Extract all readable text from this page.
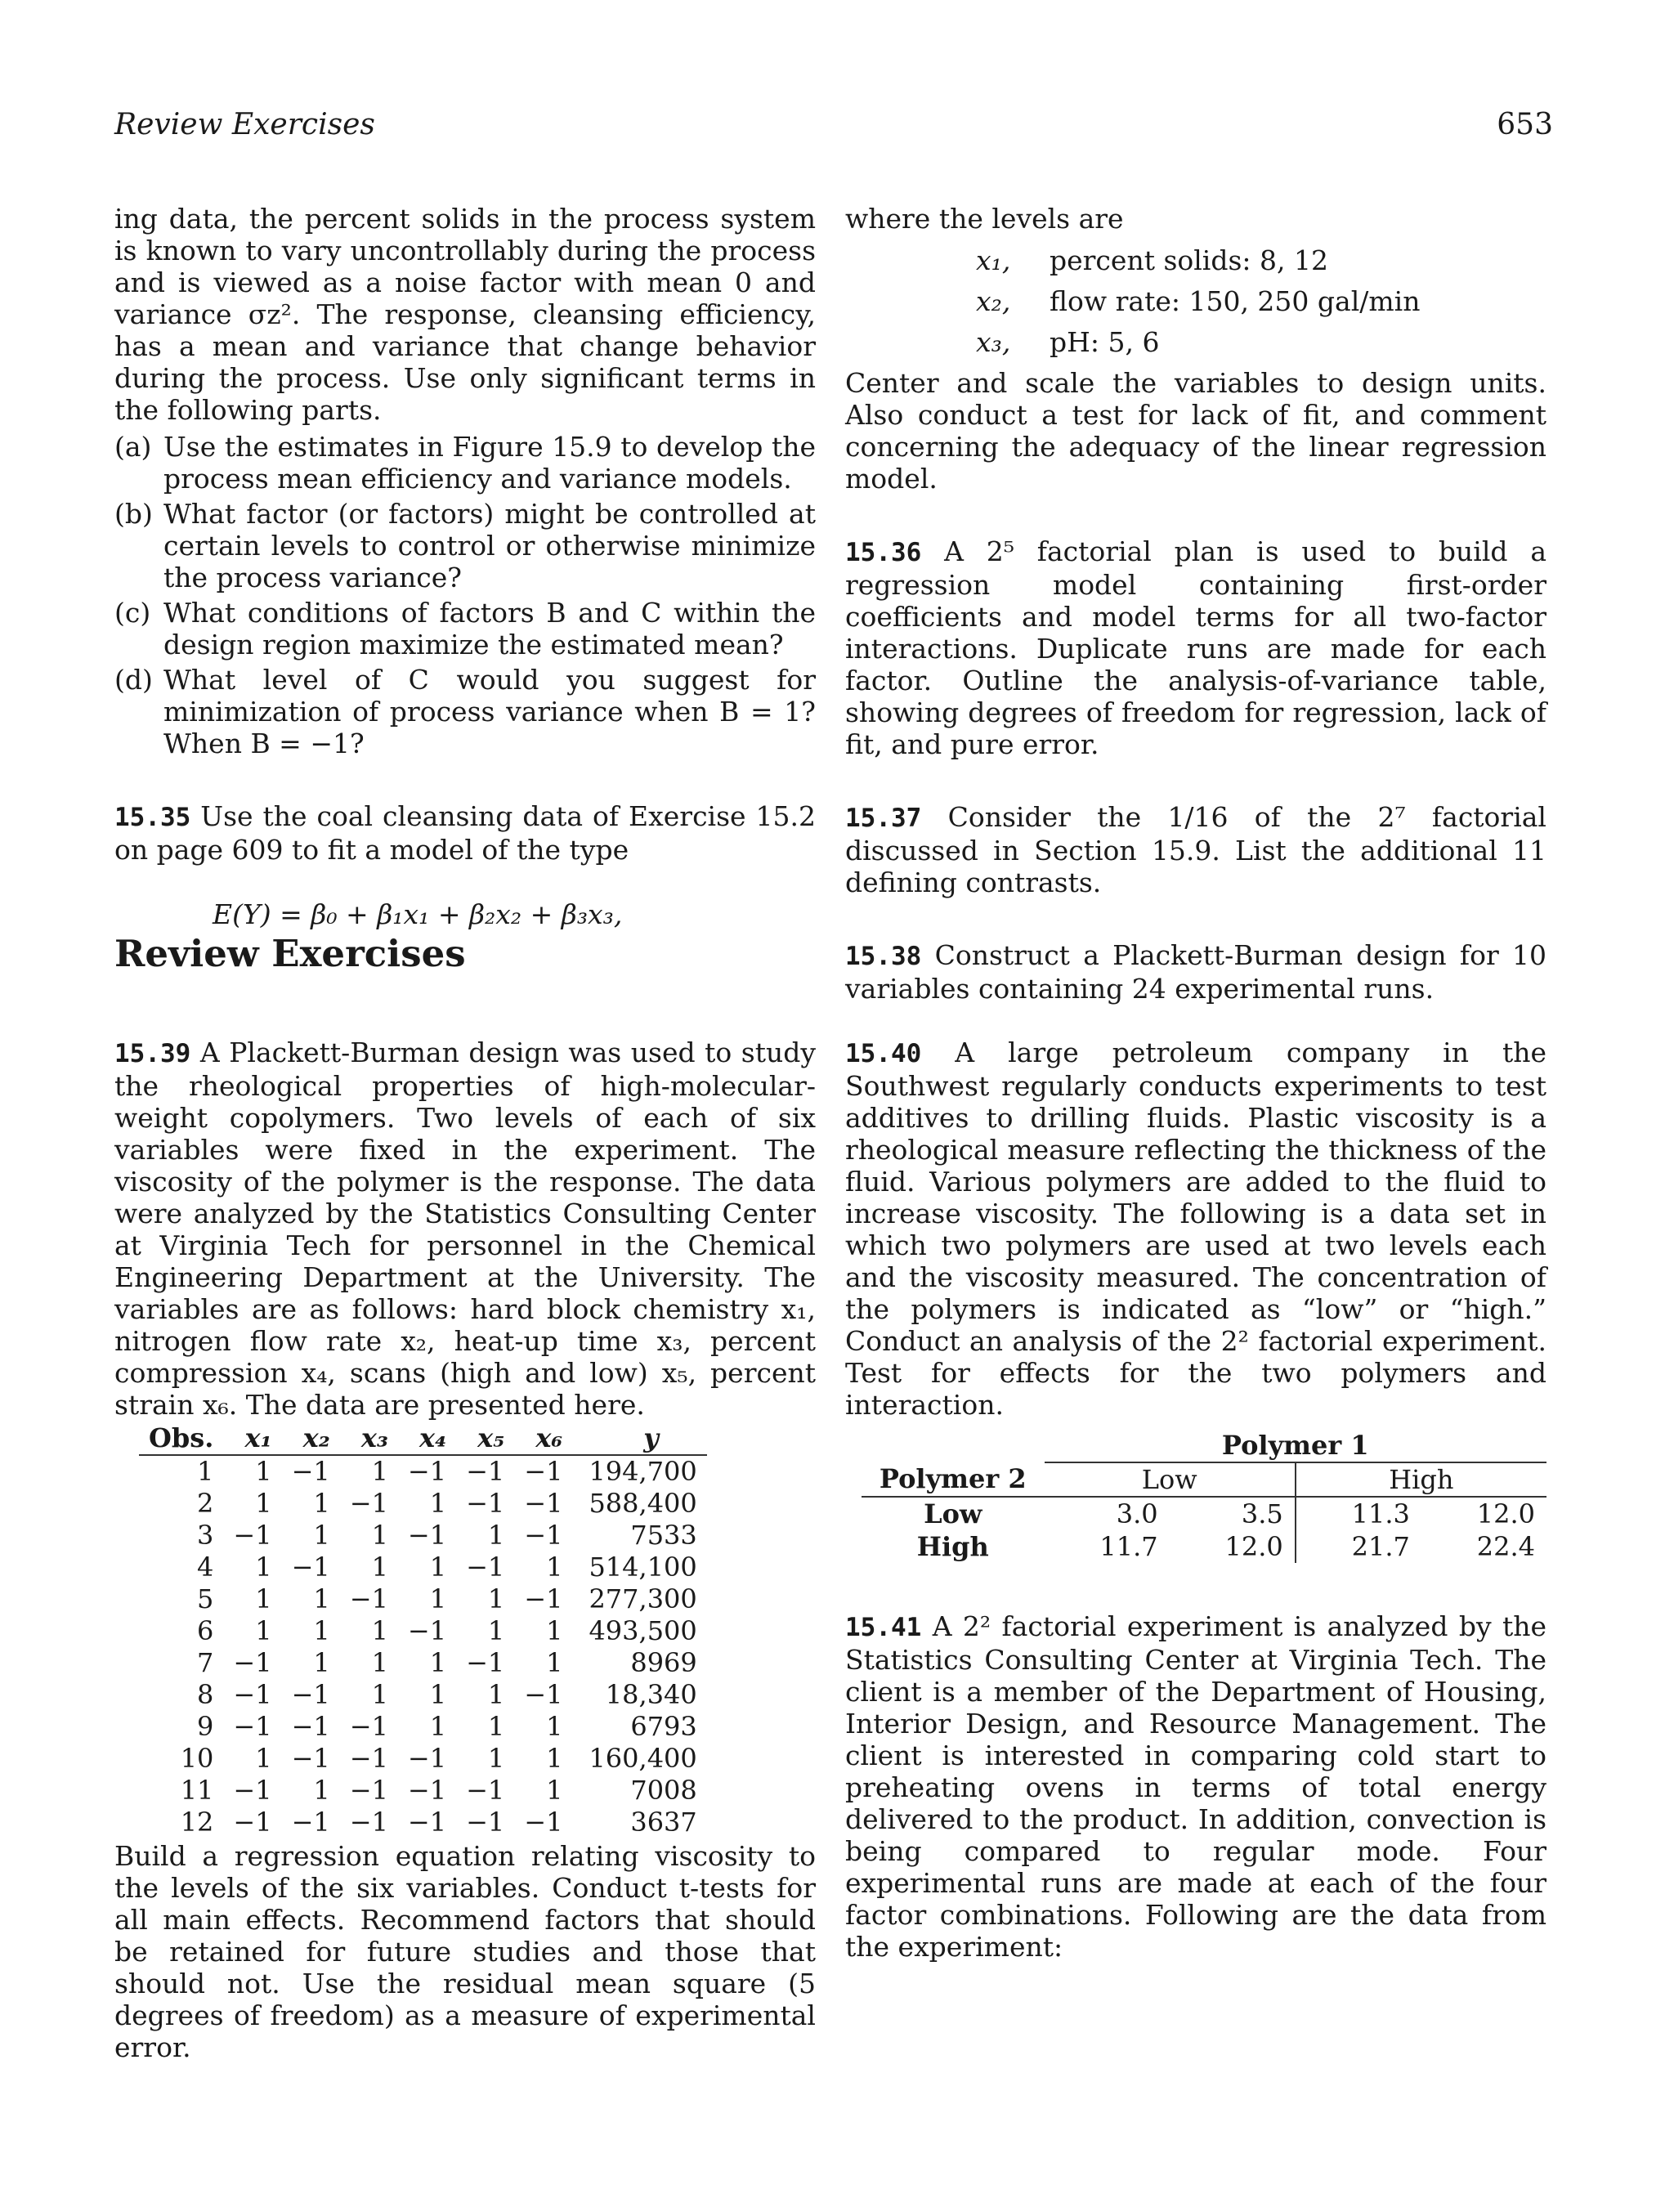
Review Exercises	653

ing data, the percent solids in the process system is known to vary uncontrollably during the process and is viewed as a noise factor with mean 0 and variance σz². The response, cleansing efficiency, has a mean and variance that change behavior during the process. Use only significant terms in the following parts.

(a) Use the estimates in Figure 15.9 to develop the process mean efficiency and variance models.
(b) What factor (or factors) might be controlled at certain levels to control or otherwise minimize the process variance?
(c) What conditions of factors B and C within the design region maximize the estimated mean?
(d) What level of C would you suggest for minimization of process variance when B = 1? When B = −1?

15.35 Use the coal cleansing data of Exercise 15.2 on page 609 to fit a model of the type

E(Y) = β₀ + β₁x₁ + β₂x₂ + β₃x₃,

where the levels are

x₁,	percent solids: 8, 12
x₂,	flow rate: 150, 250 gal/min
x₃,	pH: 5, 6

Center and scale the variables to design units. Also conduct a test for lack of fit, and comment concerning the adequacy of the linear regression model.

15.36 A 2⁵ factorial plan is used to build a regression model containing first-order coefficients and model terms for all two-factor interactions. Duplicate runs are made for each factor. Outline the analysis-of-variance table, showing degrees of freedom for regression, lack of fit, and pure error.

15.37 Consider the 1/16 of the 2⁷ factorial discussed in Section 15.9. List the additional 11 defining contrasts.

15.38 Construct a Plackett-Burman design for 10 variables containing 24 experimental runs.

Review Exercises

15.39 A Plackett-Burman design was used to study the rheological properties of high-molecular-weight copolymers. Two levels of each of six variables were fixed in the experiment. The viscosity of the polymer is the response. The data were analyzed by the Statistics Consulting Center at Virginia Tech for personnel in the Chemical Engineering Department at the University. The variables are as follows: hard block chemistry x₁, nitrogen flow rate x₂, heat-up time x₃, percent compression x₄, scans (high and low) x₅, percent strain x₆. The data are presented here.

Obs.	x₁	x₂	x₃	x₄	x₅	x₆	y
1	1	−1	1	−1	−1	−1	194,700
2	1	1	−1	1	−1	−1	588,400
3	−1	1	1	−1	1	−1	7533
4	1	−1	1	1	−1	1	514,100
5	1	1	−1	1	1	−1	277,300
6	1	1	1	−1	1	1	493,500
7	−1	1	1	1	−1	1	8969
8	−1	−1	1	1	1	−1	18,340
9	−1	−1	−1	1	1	1	6793
10	1	−1	−1	−1	1	1	160,400
11	−1	1	−1	−1	−1	1	7008
12	−1	−1	−1	−1	−1	−1	3637

Build a regression equation relating viscosity to the levels of the six variables. Conduct t-tests for all main effects. Recommend factors that should be retained for future studies and those that should not. Use the residual mean square (5 degrees of freedom) as a measure of experimental error.

15.40 A large petroleum company in the Southwest regularly conducts experiments to test additives to drilling fluids. Plastic viscosity is a rheological measure reflecting the thickness of the fluid. Various polymers are added to the fluid to increase viscosity. The following is a data set in which two polymers are used at two levels each and the viscosity measured. The concentration of the polymers is indicated as “low” or “high.” Conduct an analysis of the 2² factorial experiment. Test for effects for the two polymers and interaction.

	Polymer 1			
Polymer 2	Low		High	
Low	3.0	3.5	11.3	12.0
High	11.7	12.0	21.7	22.4

15.41 A 2² factorial experiment is analyzed by the Statistics Consulting Center at Virginia Tech. The client is a member of the Department of Housing, Interior Design, and Resource Management. The client is interested in comparing cold start to preheating ovens in terms of total energy delivered to the product. In addition, convection is being compared to regular mode. Four experimental runs are made at each of the four factor combinations. Following are the data from the experiment:
